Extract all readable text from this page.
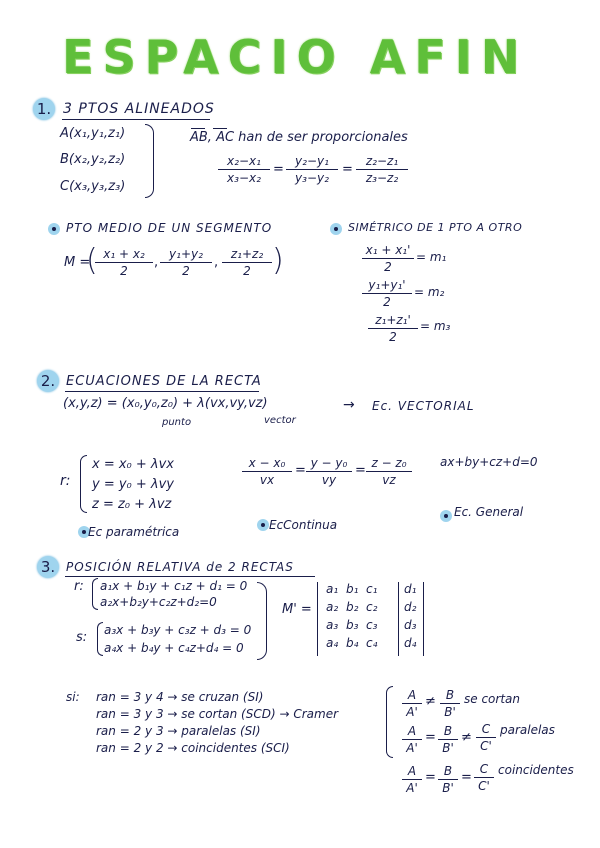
ESPACIO AFIN
1. 3 PTOS ALINEADOS
A(x₁,y₁,z₁)
B(x₂,y₂,z₂)
C(x₃,y₃,z₃)
AB, AC han de ser proporcionales
$\frac{\text{x₂−x₁}}{\text{x₃−x₂}} = \frac{\text{y₂−y₁}}{\text{y₃−y₂}} = \frac{\text{z₂−z₁}}{\text{z₃−z₂}}$
PTO MEDIO DE UN SEGMENTO
M =
(
$\frac{\text{x₁ + x₂}}{2}$ , $\frac{\text{y₁+y₂}}{2}$ , $\frac{\text{z₁+z₂}}{2}$ )
SIMÉTRICO DE 1 PTO A OTRO
$\frac{\text{x₁ + x₁'}}{2} = m_1$
$\frac{\text{y₁+y₁'}}{2} = m_2$
$\frac{\text{z₁+z₁'}}{2} = m_3$
2. ECUACIONES DE LA RECTA
(x,y,z) = (x₀,y₀,z₀) + λ(vx,vy,vz)
punto	vector
→ Ec. VECTORIAL
r:
x = x₀ + λvx
y = y₀ + λvy
z = z₀ + λvz
$\frac{\text{x − x₀}}{vx} = \frac{\text{y − y₀}}{vy} = \frac{\text{z − z₀}}{vz} ax+by+cz+d=0$
Ec paramétrica	EcContinua
Ec. General
3. POSICIÓN RELATIVA de 2 RECTAS
r: a₁x + b₁y + c₁z + d₁ = 0
a₂x+b₂y+c₂z+d₂=0
s: a₃x + b₃y + c₃z + d₃ = 0
a₄x + b₄y + c₄z+d₄ = 0
M' =
a₁ b₁ c₁ d₁
a₂ b₂ c₂ d₂
a₃ b₃ c₃ d₃
a₄ b₄ c₄ d₄
si: ran = 3 y 4 → se cruzan (SI)
ran = 3 y 3 → se cortan (SCD) → Cramer
ran = 2 y 3 → paralelas (SI)
ran = 2 y 2 → coincidentes (SCI)
$\frac{A}{A'} \ne \frac{B}{B'}$ se cortan
$\frac{A}{A'} = \frac{B}{B'} \ne \frac{C}{C'}$ paralelas
$\frac{A}{A'} = \frac{B}{B'} = \frac{C}{C'}$ coincidentes
